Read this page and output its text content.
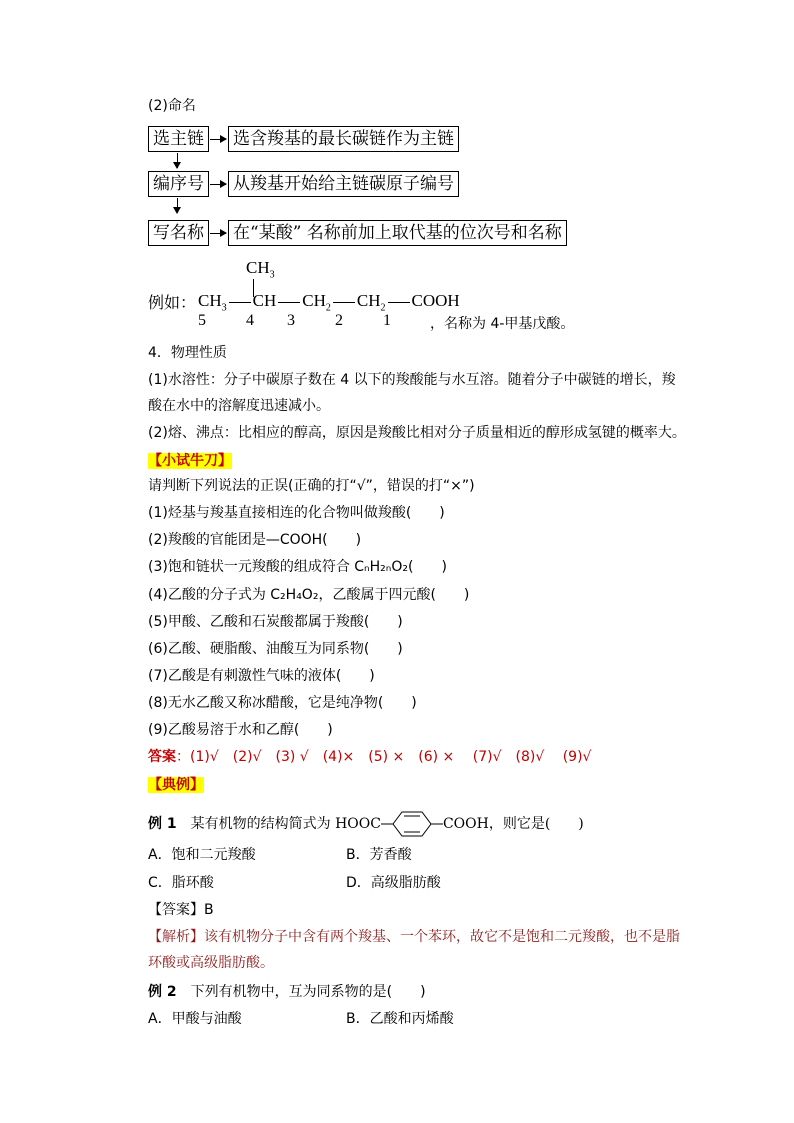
(2)命名
选主链 选含羧基的最长碳链作为主链
编序号 从羧基开始给主链碳原子编号
写名称 在“某酸” 名称前加上取代基的位次号和名称
$CH_3$
例如： $CH_3$ CH $CH_2$ $CH_2$ COOH
5	4 3	2	1	，名称为 4-甲基戊酸。
4．物理性质
(1)水溶性：分子中碳原子数在 4 以下的羧酸能与水互溶。随着分子中碳链的增长，羧
酸在水中的溶解度迅速减小。
(2)熔、沸点：比相应的醇高，原因是羧酸比相对分子质量相近的醇形成氢键的概率大。
【小试牛刀】
请判断下列说法的正误(正确的打“√”，错误的打“×”)
(1)烃基与羧基直接相连的化合物叫做羧酸(　　)
(2)羧酸的官能团是—COOH(　　)
(3)饱和链状一元羧酸的组成符合 CₙH₂ₙO₂(　　)
(4)乙酸的分子式为 C₂H₄O₂，乙酸属于四元酸(　　)
(5)甲酸、乙酸和石炭酸都属于羧酸(　　)
(6)乙酸、硬脂酸、油酸互为同系物(　　)
(7)乙酸是有刺激性气味的液体(　　)
(8)无水乙酸又称冰醋酸，它是纯净物(　　)
(9)乙酸易溶于水和乙醇(　　)
答案：(1)√　(2)√　(3) √　(4)×　(5) ×　(6) ×　 (7)√　(8)√　 (9)√
【典例】
例 1　 某有机物的结构简式为 HOOC	COOH，则它是(　　)
A．饱和二元羧酸	B．芳香酸
C．脂环酸	D．高级脂肪酸
【答案】B
【解析】该有机物分子中含有两个羧基、一个苯环，故它不是饱和二元羧酸，也不是脂
环酸或高级脂肪酸。
例 2　 下列有机物中，互为同系物的是(　　)
A．甲酸与油酸	B．乙酸和丙烯酸
